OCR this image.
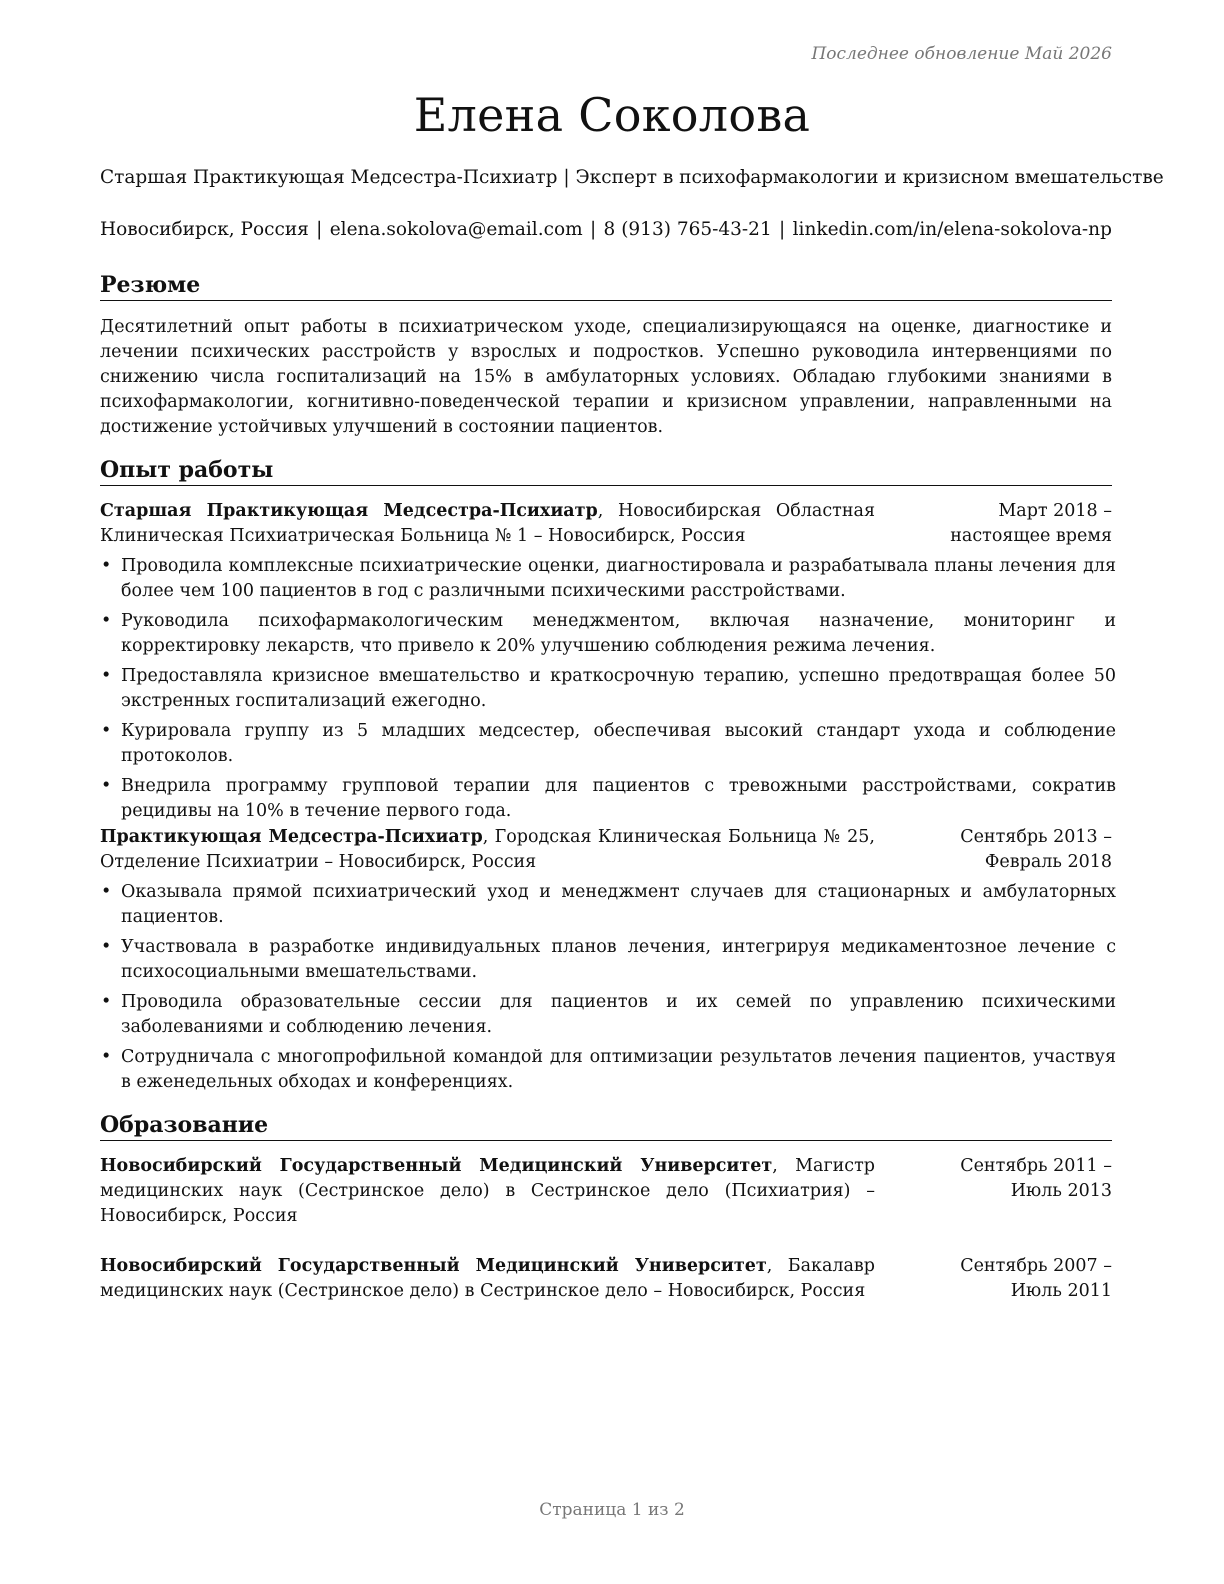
Последнее обновление Май 2026
Елена Соколова
Старшая Практикующая Медсестра-Психиатр | Эксперт в психофармакологии и кризисном вмешательстве
Новосибирск, Россия | elena.sokolova@email.com | 8 (913) 765-43-21 | linkedin.com/in/elena-sokolova-np
Резюме
Десятилетний опыт работы в психиатрическом уходе, специализирующаяся на оценке, диагностике и лечении психических расстройств у взрослых и подростков. Успешно руководила интервенциями по снижению числа госпитализаций на 15% в амбулаторных условиях. Обладаю глубокими знаниями в психофармакологии, когнитивно-поведенческой терапии и кризисном управлении, направленными на достижение устойчивых улучшений в состоянии пациентов.
Опыт работы
Старшая Практикующая Медсестра-Психиатр, Новосибирская Областная Клиническая Психиатрическая Больница № 1 – Новосибирск, Россия
Март 2018 – настоящее время
• Проводила комплексные психиатрические оценки, диагностировала и разрабатывала планы лечения для более чем 100 пациентов в год с различными психическими расстройствами.
• Руководила психофармакологическим менеджментом, включая назначение, мониторинг и корректировку лекарств, что привело к 20% улучшению соблюдения режима лечения.
• Предоставляла кризисное вмешательство и краткосрочную терапию, успешно предотвращая более 50 экстренных госпитализаций ежегодно.
• Курировала группу из 5 младших медсестер, обеспечивая высокий стандарт ухода и соблюдение протоколов.
• Внедрила программу групповой терапии для пациентов с тревожными расстройствами, сократив рецидивы на 10% в течение первого года.
Практикующая Медсестра-Психиатр, Городская Клиническая Больница № 25, Отделение Психиатрии – Новосибирск, Россия
Сентябрь 2013 – Февраль 2018
• Оказывала прямой психиатрический уход и менеджмент случаев для стационарных и амбулаторных пациентов.
• Участвовала в разработке индивидуальных планов лечения, интегрируя медикаментозное лечение с психосоциальными вмешательствами.
• Проводила образовательные сессии для пациентов и их семей по управлению психическими заболеваниями и соблюдению лечения.
• Сотрудничала с многопрофильной командой для оптимизации результатов лечения пациентов, участвуя в еженедельных обходах и конференциях.
Образование
Новосибирский Государственный Медицинский Университет, Магистр медицинских наук (Сестринское дело) в Сестринское дело (Психиатрия) – Новосибирск, Россия
Сентябрь 2011 – Июль 2013
Новосибирский Государственный Медицинский Университет, Бакалавр медицинских наук (Сестринское дело) в Сестринское дело – Новосибирск, Россия
Сентябрь 2007 – Июль 2011
Страница 1 из 2
